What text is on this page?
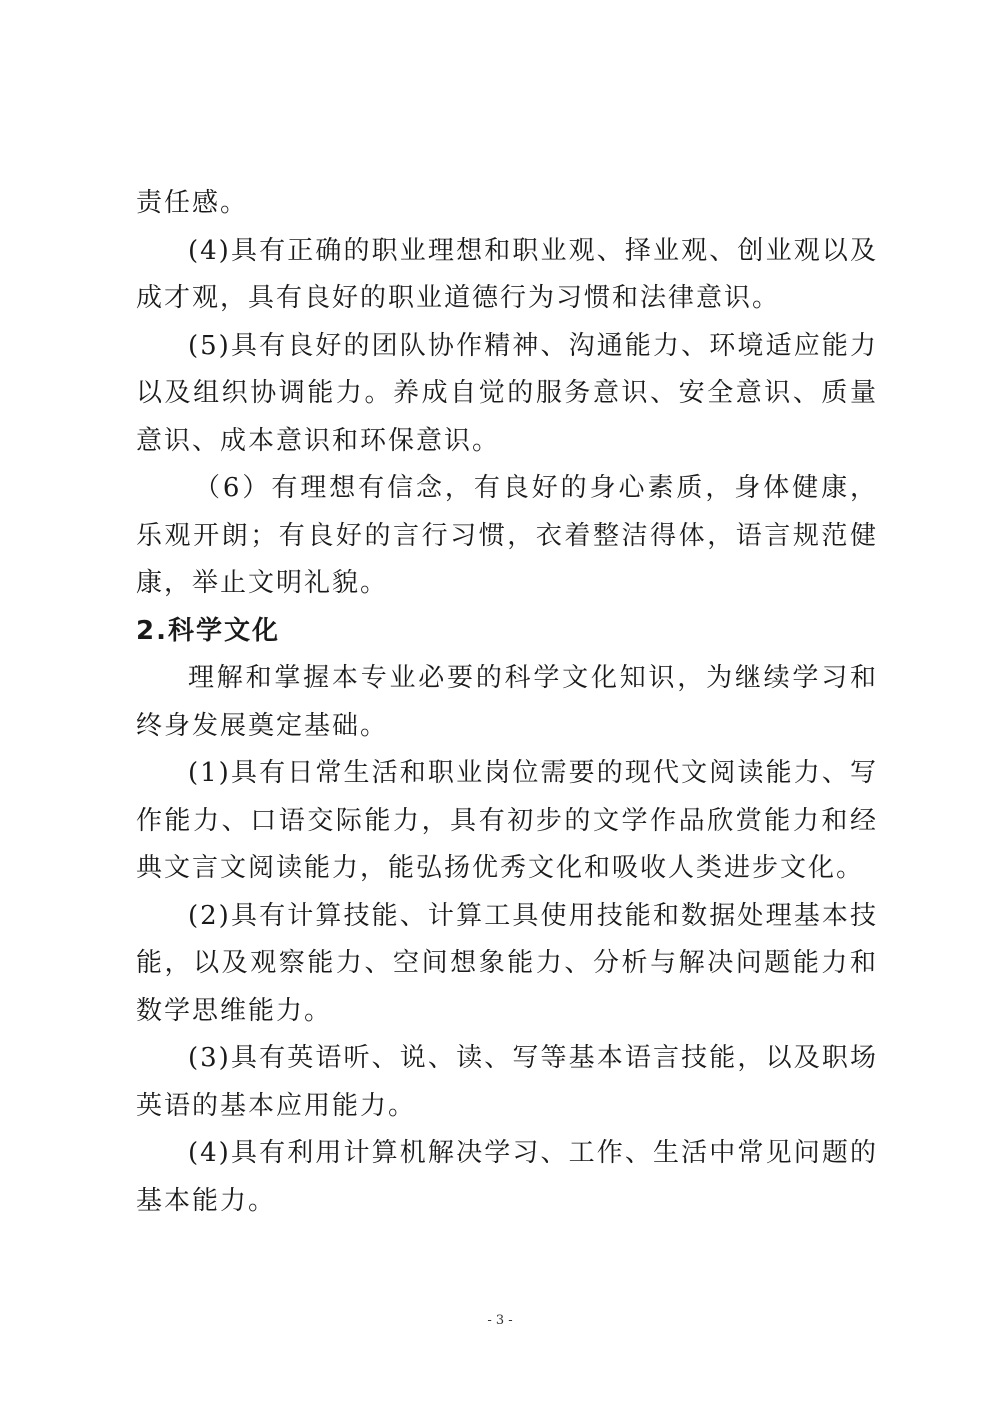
责任感。

(4)具有正确的职业理想和职业观、择业观、创业观以及成才观，具有良好的职业道德行为习惯和法律意识。

(5)具有良好的团队协作精神、沟通能力、环境适应能力以及组织协调能力。养成自觉的服务意识、安全意识、质量意识、成本意识和环保意识。

（6）有理想有信念，有良好的身心素质，身体健康，乐观开朗；有良好的言行习惯，衣着整洁得体，语言规范健康，举止文明礼貌。

2.科学文化

理解和掌握本专业必要的科学文化知识，为继续学习和终身发展奠定基础。

(1)具有日常生活和职业岗位需要的现代文阅读能力、写作能力、口语交际能力，具有初步的文学作品欣赏能力和经典文言文阅读能力，能弘扬优秀文化和吸收人类进步文化。

(2)具有计算技能、计算工具使用技能和数据处理基本技能，以及观察能力、空间想象能力、分析与解决问题能力和数学思维能力。

(3)具有英语听、说、读、写等基本语言技能，以及职场英语的基本应用能力。

(4)具有利用计算机解决学习、工作、生活中常见问题的基本能力。

- 3 -
